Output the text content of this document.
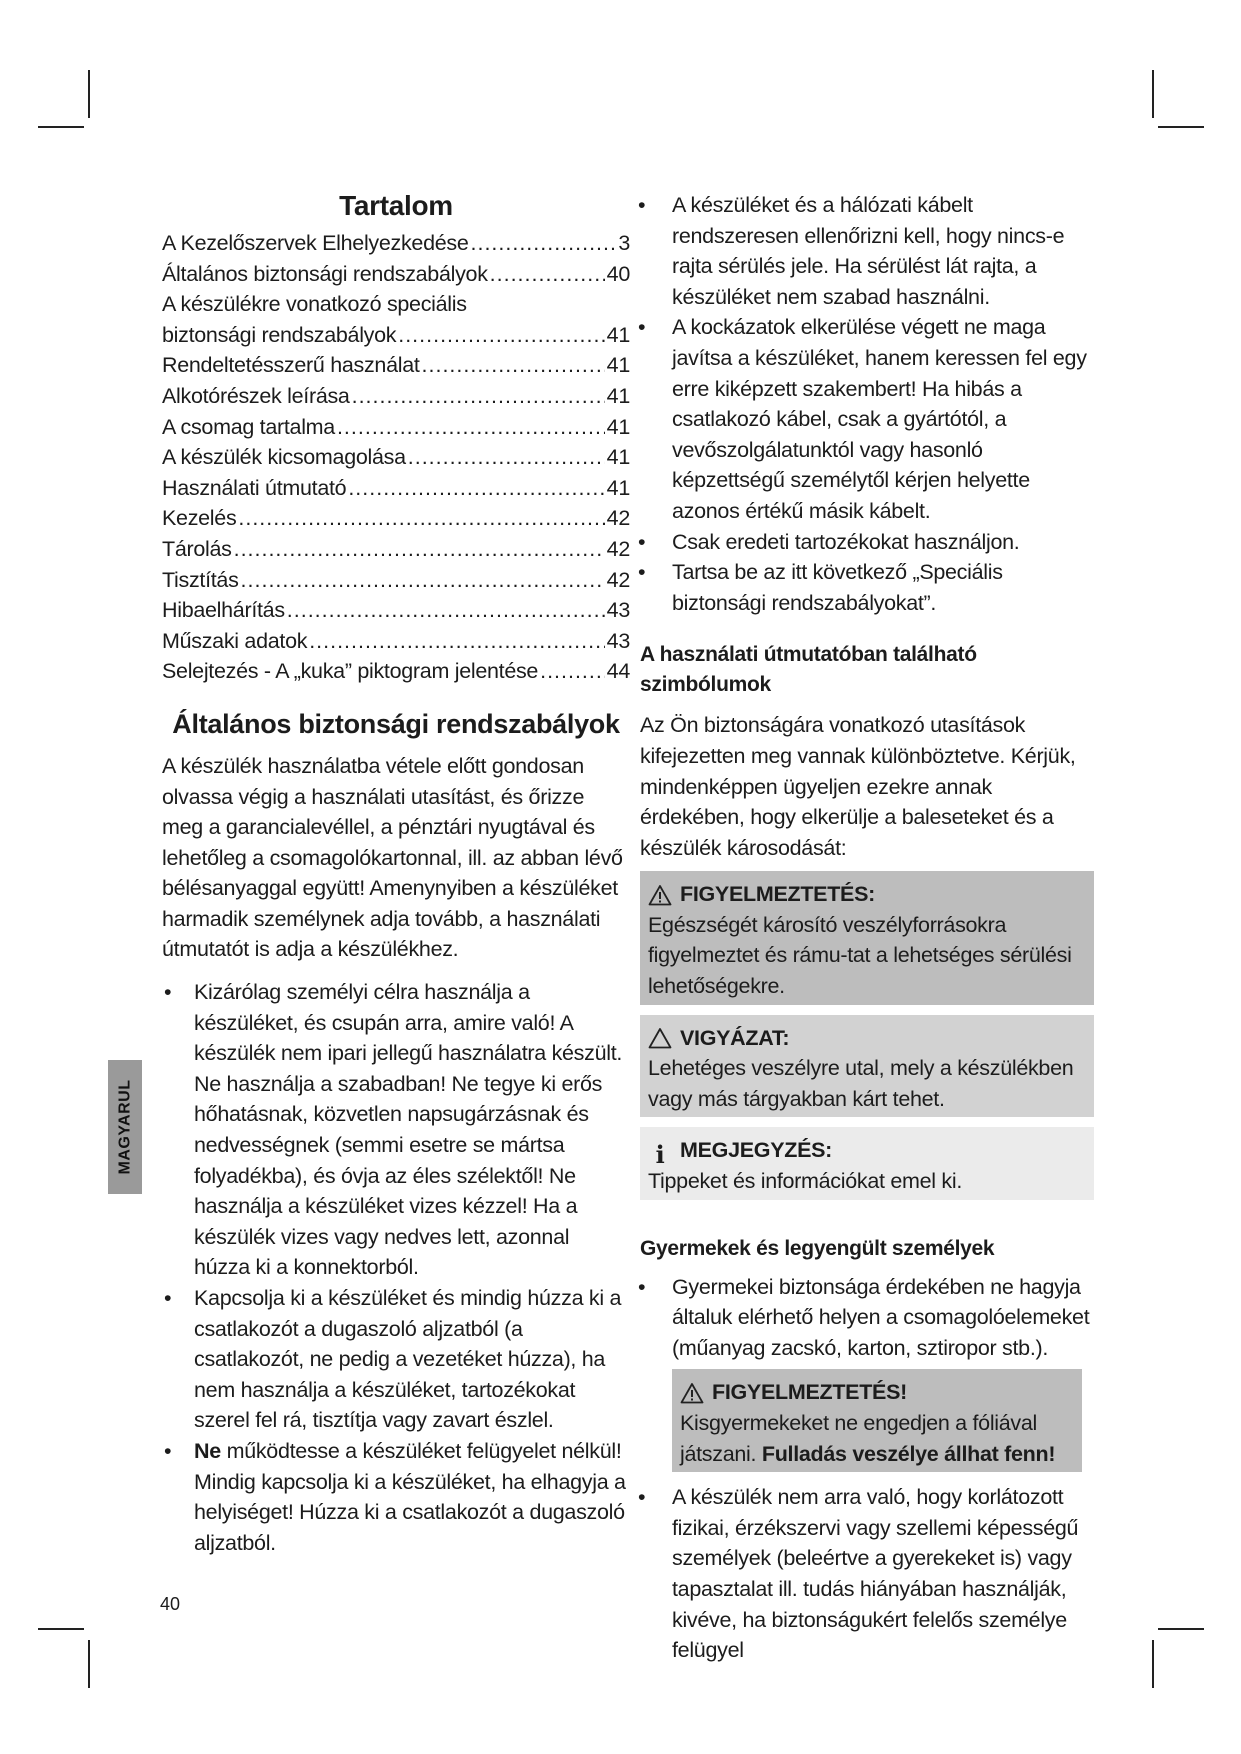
MAGYARUL
Tartalom
A Kezelőszervek Elhelyezkedése .....	3
Általános biztonsági rendszabályok .....	40
A készülékre vonatkozó speciális
biztonsági rendszabályok .....	41
Rendeltetésszerű használat .....	41
Alkotórészek leírása .....	41
A csomag tartalma .....	41
A készülék kicsomagolása .....	41
Használati útmutató .....	41
Kezelés .....	42
Tárolás .....	42
Tisztítás .....	42
Hibaelhárítás .....	43
Műszaki adatok .....	43
Selejtezés - A „kuka” piktogram jelentése .....	44
Általános biztonsági rendszabályok
A készülék használatba vétele előtt gondosan olvassa végig a használati utasítást, és őrizze meg a garancialevéllel, a pénztári nyugtával és lehetőleg a csomagolókartonnal, ill. az abban lévő bélésanyaggal együtt! Amenynyiben a készüléket harmadik személynek adja tovább, a használati útmutatót is adja a készülékhez.
• Kizárólag személyi célra használja a készüléket, és csupán arra, amire való! A készülék nem ipari jellegű használatra készült.
Ne használja a szabadban! Ne tegye ki erős hőhatásnak, közvetlen napsugárzásnak és nedvességnek (semmi esetre se mártsa folyadékba), és óvja az éles szélektől! Ne használja a készüléket vizes kézzel! Ha a készülék vizes vagy nedves lett, azonnal húzza ki a konnektorból.
• Kapcsolja ki a készüléket és mindig húzza ki a csatlakozót a dugaszoló aljzatból (a csatlakozót, ne pedig a vezetéket húzza), ha nem használja a készüléket, tartozékokat szerel fel rá, tisztítja vagy zavart észlel.
• Ne működtesse a készüléket felügyelet nélkül! Mindig kapcsolja ki a készüléket, ha elhagyja a helyiséget! Húzza ki a csatlakozót a dugaszoló aljzatból.
40
• A készüléket és a hálózati kábelt rendszeresen ellenőrizni kell, hogy nincs-e rajta sérülés jele. Ha sérülést lát rajta, a készüléket nem szabad használni.
• A kockázatok elkerülése végett ne maga javítsa a készüléket, hanem keressen fel egy erre kiképzett szakembert! Ha hibás a csatlakozó kábel, csak a gyártótól, a vevőszolgálatunktól vagy hasonló képzettségű személytől kérjen helyette azonos értékű másik kábelt.
• Csak eredeti tartozékokat használjon.
• Tartsa be az itt következő „Speciális biztonsági rendszabályokat”.
A használati útmutatóban található szimbólumok
Az Ön biztonságára vonatkozó utasítások kifejezetten meg vannak különböztetve. Kérjük, mindenképpen ügyeljen ezekre annak érdekében, hogy elkerülje a baleseteket és a készülék károsodását:
FIGYELMEZTETÉS:
Egészségét károsító veszélyforrásokra figyelmeztet és rámu-tat a lehetséges sérülési lehetőségekre.
VIGYÁZAT:
Lehetéges veszélyre utal, mely a készülékben vagy más tárgyakban kárt tehet.
i MEGJEGYZÉS:
Tippeket és információkat emel ki.
Gyermekek és legyengült személyek
• Gyermekei biztonsága érdekében ne hagyja általuk elérhető helyen a csomagolóelemeket (műanyag zacskó, karton, sztiropor stb.).
FIGYELMEZTETÉS!
Kisgyermekeket ne engedjen a fóliával játszani. Fulladás veszélye állhat fenn!
• A készülék nem arra való, hogy korlátozott fizikai, érzékszervi vagy szellemi képességű személyek (beleértve a gyerekeket is) vagy tapasztalat ill. tudás hiányában használják, kivéve, ha biztonságukért felelős személye felügyel
